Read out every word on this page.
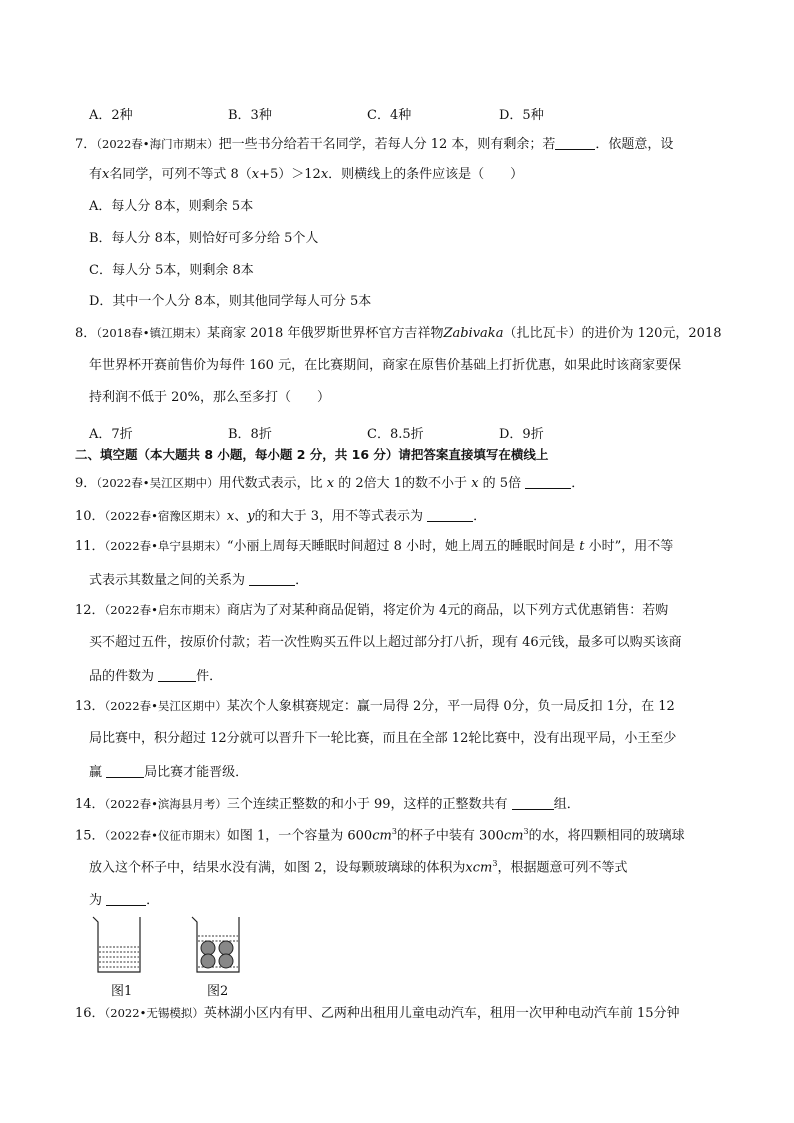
A．2种	B．3种	C．4种	D．5种
7．（2022春•海门市期末）把一些书分给若干名同学，若每人分 12 本，则有剩余；若	．依题意，设
有x名同学，可列不等式 8（x+5）＞12x．则横线上的条件应该是（　　）
A．每人分 8本，则剩余 5本
B．每人分 8本，则恰好可多分给 5个人
C．每人分 5本，则剩余 8本
D．其中一个人分 8本，则其他同学每人可分 5本
8．（2018春•镇江期末）某商家 2018 年俄罗斯世界杯官方吉祥物Zabivaka（扎比瓦卡）的进价为 120元，2018
年世界杯开赛前售价为每件 160 元，在比赛期间，商家在原售价基础上打折优惠，如果此时该商家要保
持利润不低于 20%，那么至多打（　　）
A．7折	B．8折	C．8.5折	D．9折
二、填空题（本大题共 8 小题，每小题 2 分，共 16 分）请把答案直接填写在横线上
9．（2022春•吴江区期中）用代数式表示，比 x 的 2倍大 1的数不小于 x 的 5倍	．
10．（2022春•宿豫区期末）x、y的和大于 3，用不等式表示为	．
11．（2022春•阜宁县期末）“小丽上周每天睡眠时间超过 8 小时，她上周五的睡眠时间是 t 小时”，用不等
式表示其数量之间的关系为	．
12．（2022春•启东市期末）商店为了对某种商品促销，将定价为 4元的商品，以下列方式优惠销售：若购
买不超过五件，按原价付款；若一次性购买五件以上超过部分打八折，现有 46元钱，最多可以购买该商
品的件数为	件．
13．（2022春•吴江区期中）某次个人象棋赛规定：赢一局得 2分，平一局得 0分，负一局反扣 1分，在 12
局比赛中，积分超过 12分就可以晋升下一轮比赛，而且在全部 12轮比赛中，没有出现平局，小王至少
赢	局比赛才能晋级．
14．（2022春•滨海县月考）三个连续正整数的和小于 99，这样的正整数共有	组．
15．（2022春•仪征市期末）如图 1，一个容量为 $600cm^3$的杯子中装有 $300cm^3$的水，将四颗相同的玻璃球
放入这个杯子中，结果水没有满，如图 2，设每颗玻璃球的体积为xcm$^3$，根据题意可列不等式
为	．
图1	图2
16．（2022•无锡模拟）英林湖小区内有甲、乙两种出租用儿童电动汽车，租用一次甲种电动汽车前 15分钟
